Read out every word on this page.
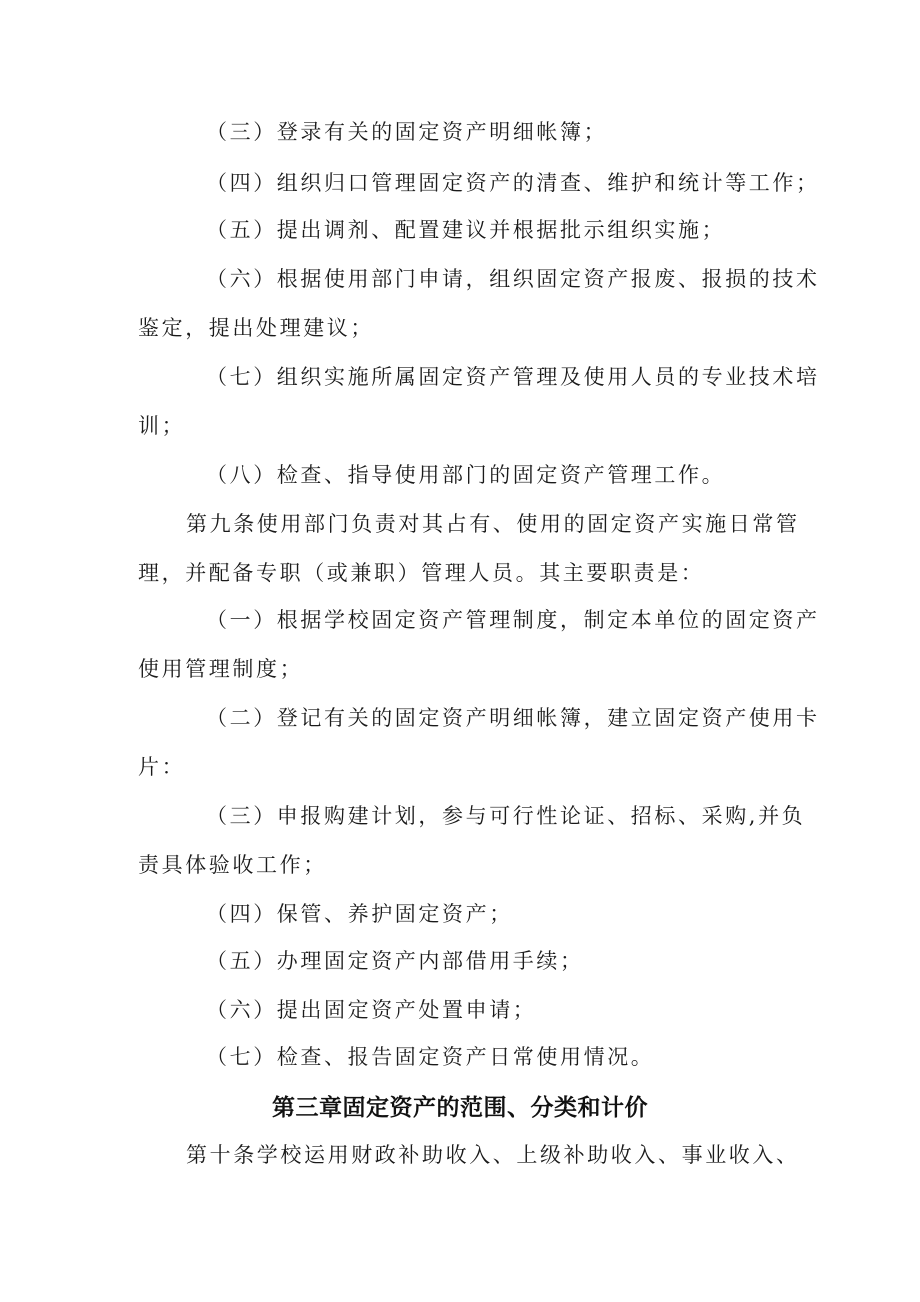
（三）登录有关的固定资产明细帐簿；
（四）组织归口管理固定资产的清查、维护和统计等工作；
（五）提出调剂、配置建议并根据批示组织实施；
（六）根据使用部门申请，组织固定资产报废、报损的技术
鉴定，提出处理建议；
（七）组织实施所属固定资产管理及使用人员的专业技术培
训；
（八）检查、指导使用部门的固定资产管理工作。
第九条使用部门负责对其占有、使用的固定资产实施日常管
理，并配备专职（或兼职）管理人员。其主要职责是：
（一）根据学校固定资产管理制度，制定本单位的固定资产
使用管理制度；
（二）登记有关的固定资产明细帐簿，建立固定资产使用卡
片：
（三）申报购建计划，参与可行性论证、招标、采购,并负
责具体验收工作；
（四）保管、养护固定资产；
（五）办理固定资产内部借用手续；
（六）提出固定资产处置申请；
（七）检查、报告固定资产日常使用情况。
第三章固定资产的范围、分类和计价
第十条学校运用财政补助收入、上级补助收入、事业收入、
